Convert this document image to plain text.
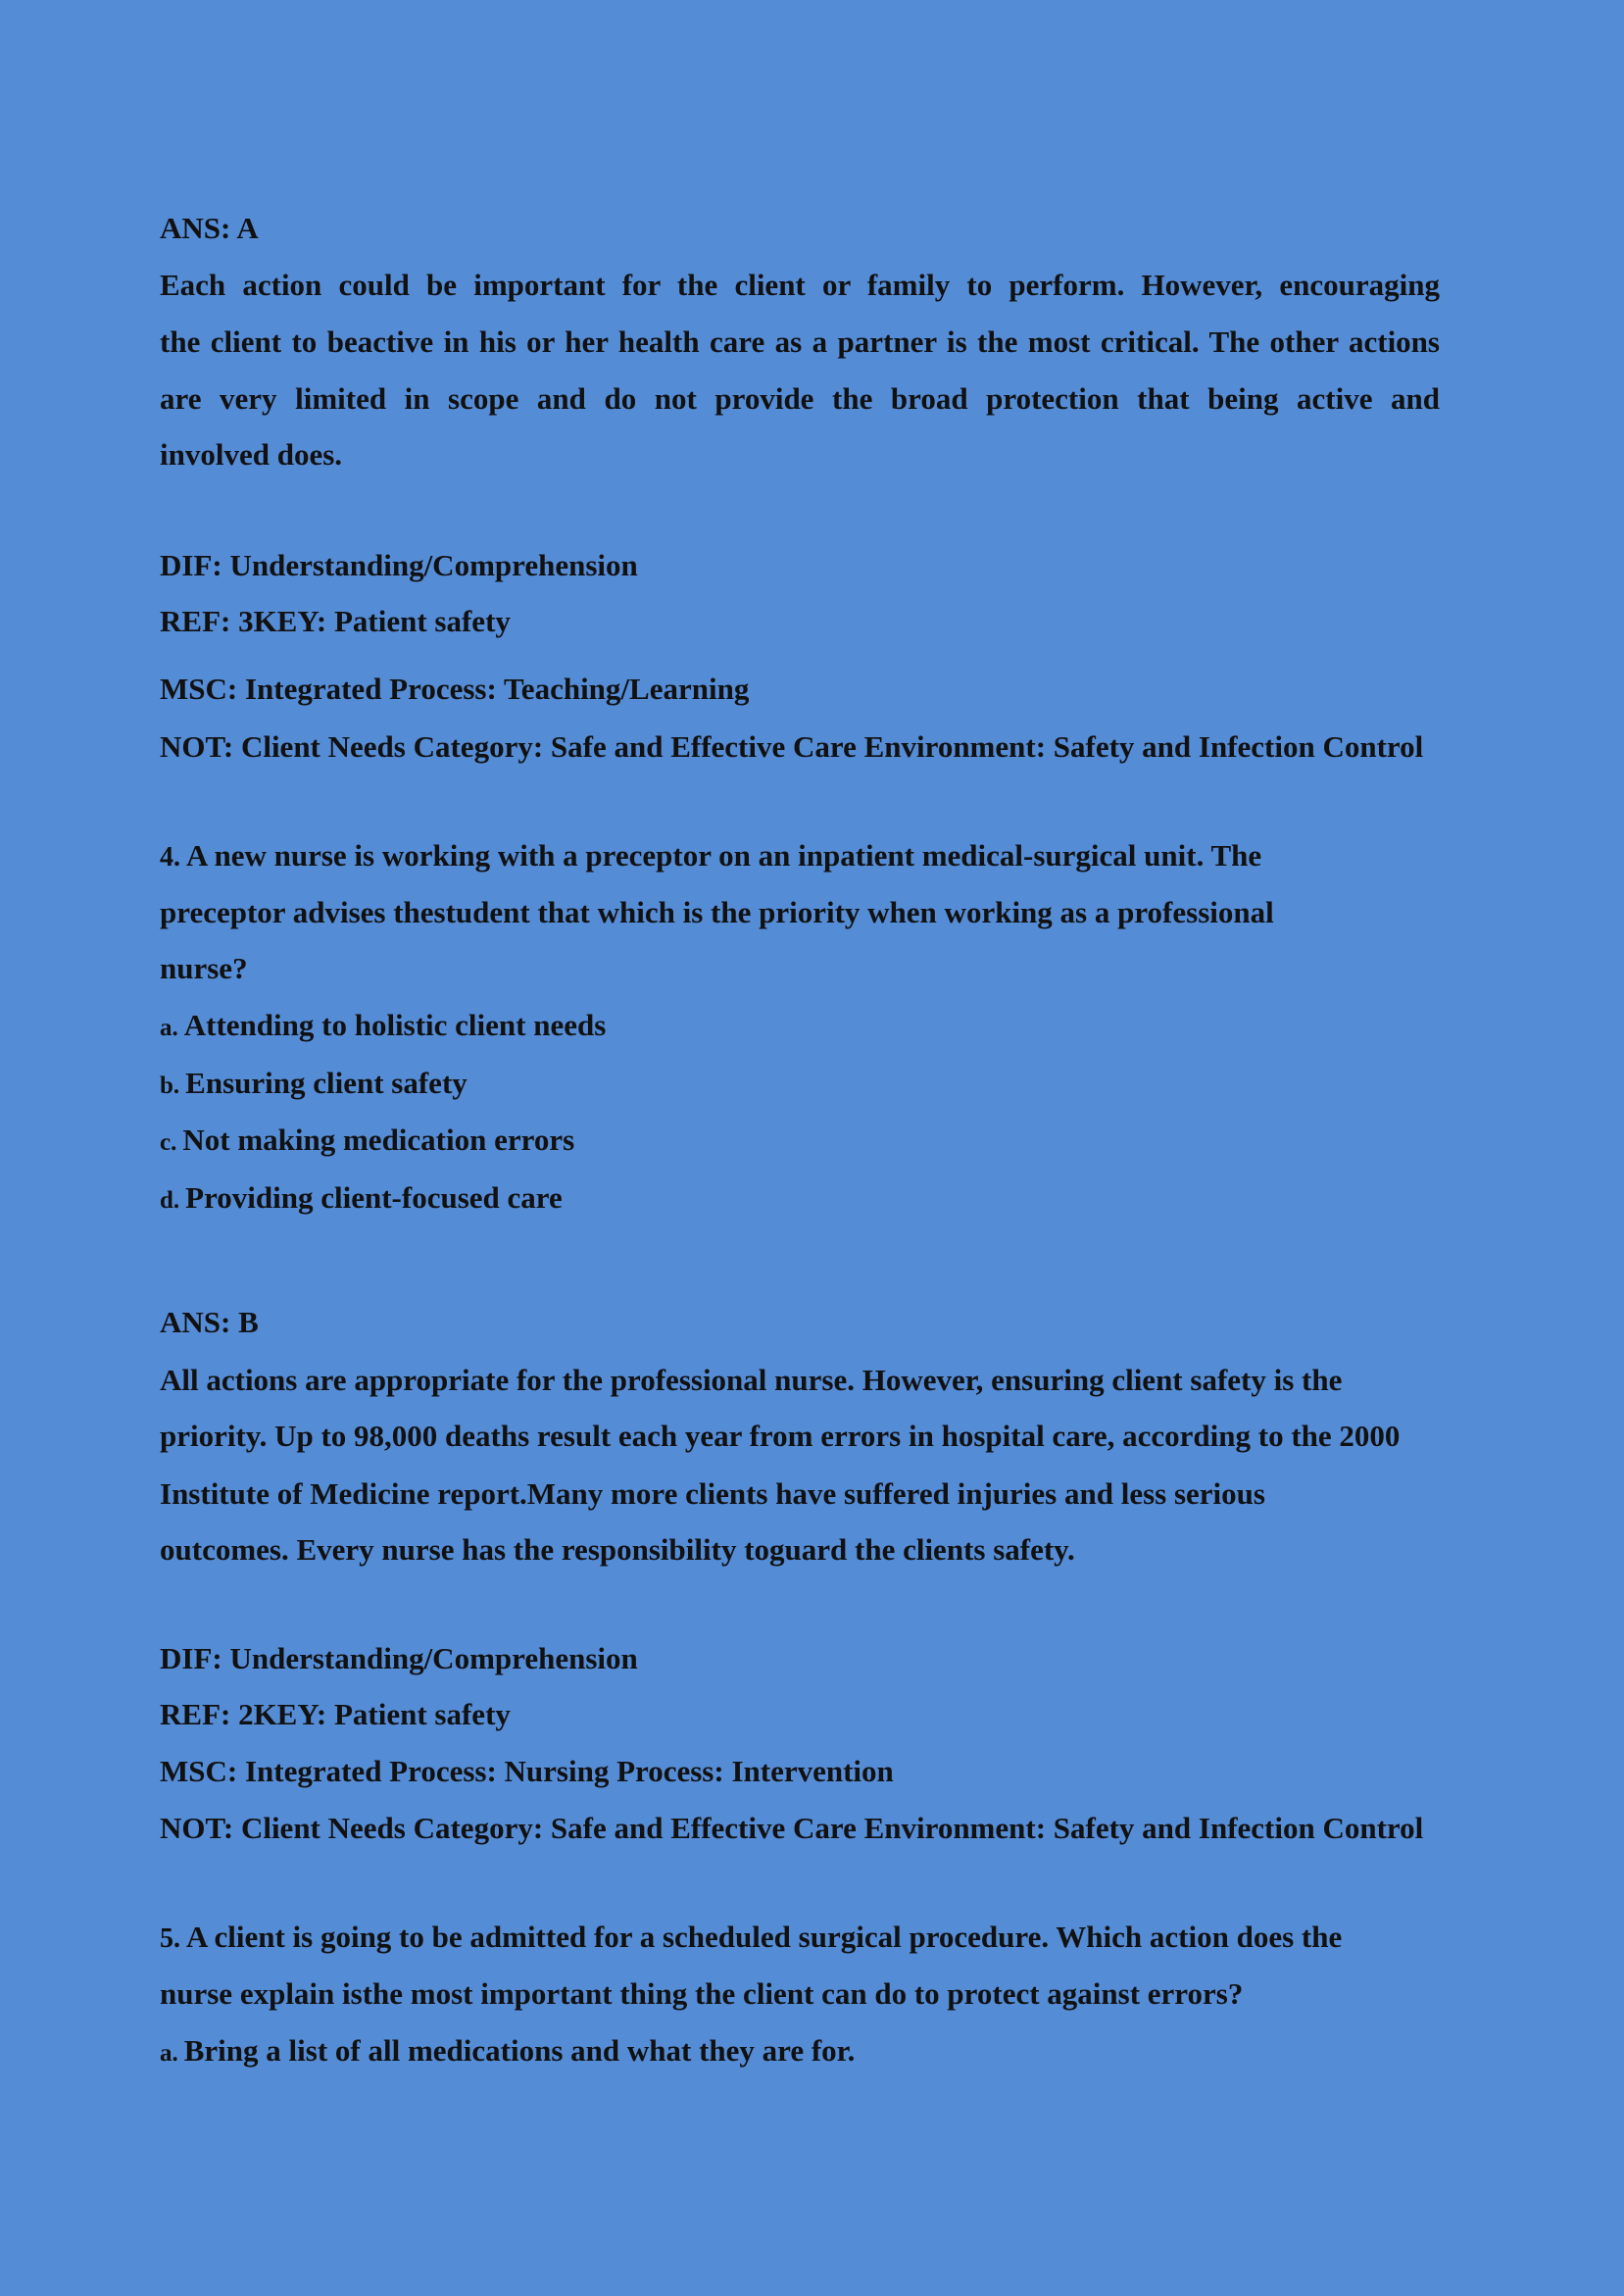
ANS: A
Each action could be important for the client or family to perform. However, encouraging
the client to beactive in his or her health care as a partner is the most critical. The other actions
are very limited in scope and do not provide the broad protection that being active and
involved does.
DIF: Understanding/Comprehension
REF: 3KEY: Patient safety
MSC: Integrated Process: Teaching/Learning
NOT: Client Needs Category: Safe and Effective Care Environment: Safety and Infection Control
4. A new nurse is working with a preceptor on an inpatient medical-surgical unit. The
preceptor advises thestudent that which is the priority when working as a professional
nurse?
a. Attending to holistic client needs
b. Ensuring client safety
c. Not making medication errors
d. Providing client-focused care
ANS: B
All actions are appropriate for the professional nurse. However, ensuring client safety is the
priority. Up to 98,000 deaths result each year from errors in hospital care, according to the 2000
Institute of Medicine report.Many more clients have suffered injuries and less serious
outcomes. Every nurse has the responsibility toguard the clients safety.
DIF: Understanding/Comprehension
REF: 2KEY: Patient safety
MSC: Integrated Process: Nursing Process: Intervention
NOT: Client Needs Category: Safe and Effective Care Environment: Safety and Infection Control
5. A client is going to be admitted for a scheduled surgical procedure. Which action does the
nurse explain isthe most important thing the client can do to protect against errors?
a. Bring a list of all medications and what they are for.
